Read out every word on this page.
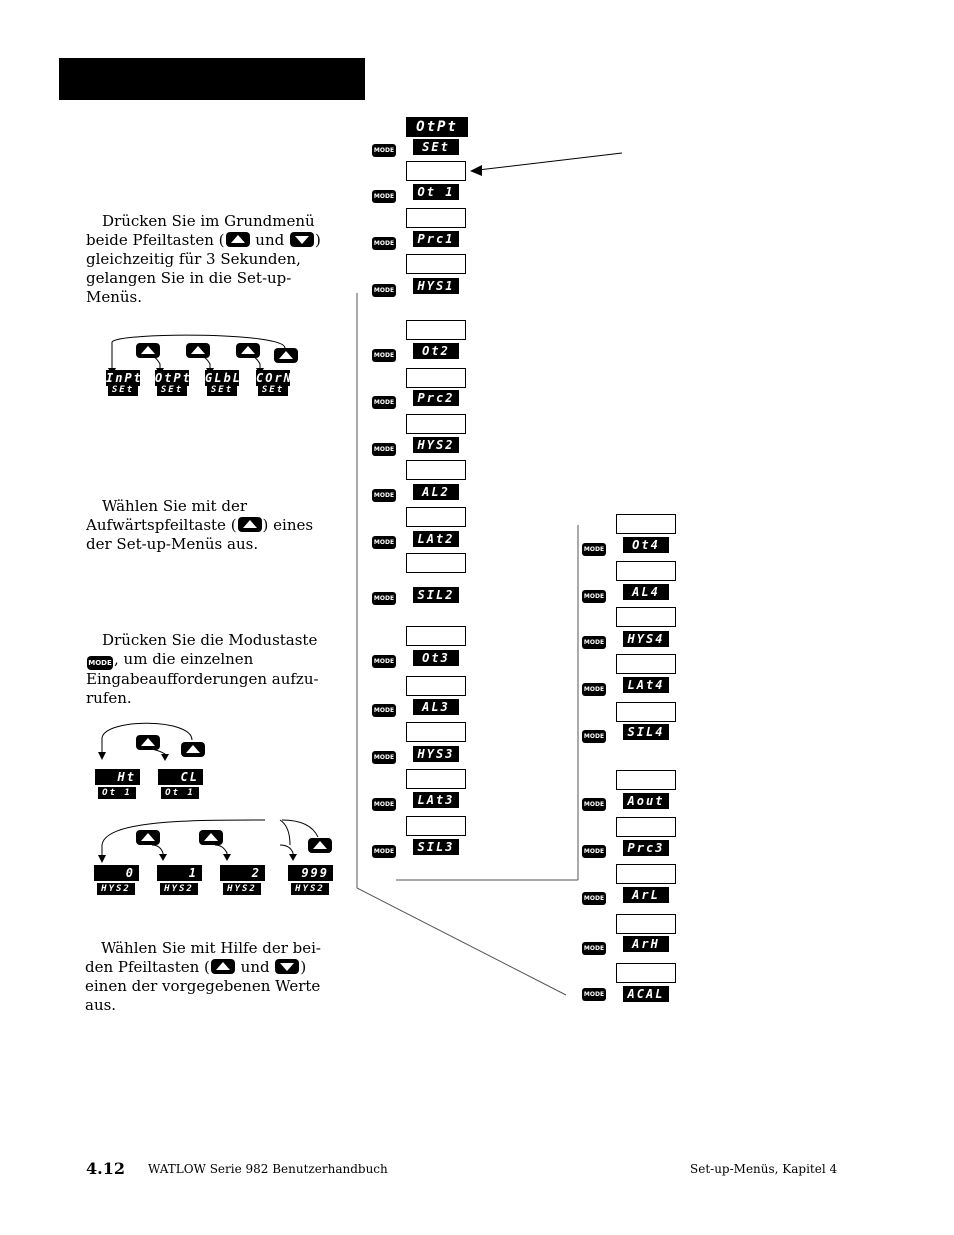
Drücken Sie im Grundmenü beide Pfeiltasten ( und ) gleichzeitig für 3 Sekunden, gelangen Sie in die Set-up-Menüs.
InPt
SEt
OtPt
SEt
GLbL
SEt
COrN
SEt
Wählen Sie mit der Aufwärtspfeiltaste ( ) eines der Set-up-Menüs aus.
Drücken Sie die Modustaste MODE , um die einzelnen Eingabeaufforderungen aufzu-rufen.
Ht
Ot 1
CL
Ot 1
0
HYS2
1
HYS2
2
HYS2
999
HYS2
Wählen Sie mit Hilfe der bei-den Pfeiltasten ( und ) einen der vorgegebenen Werte aus.
OtPt
SEt
MODE
Ot 1
MODE
Prc1
MODE
HYS1
MODE
Ot2
MODE
Prc2
MODE
HYS2
MODE
AL2
MODE
LAt2
MODE
SIL2
MODE
Ot3
MODE
AL3
MODE
HYS3
MODE
LAt3
MODE
SIL3
MODE
Ot4
MODE
AL4
MODE
HYS4
MODE
LAt4
MODE
SIL4
MODE
Aout
MODE
Prc3
MODE
ArL
MODE
ArH
MODE
ACAL
MODE
4.12 WATLOW Serie 982 Benutzerhandbuch	Set-up-Menüs, Kapitel 4
